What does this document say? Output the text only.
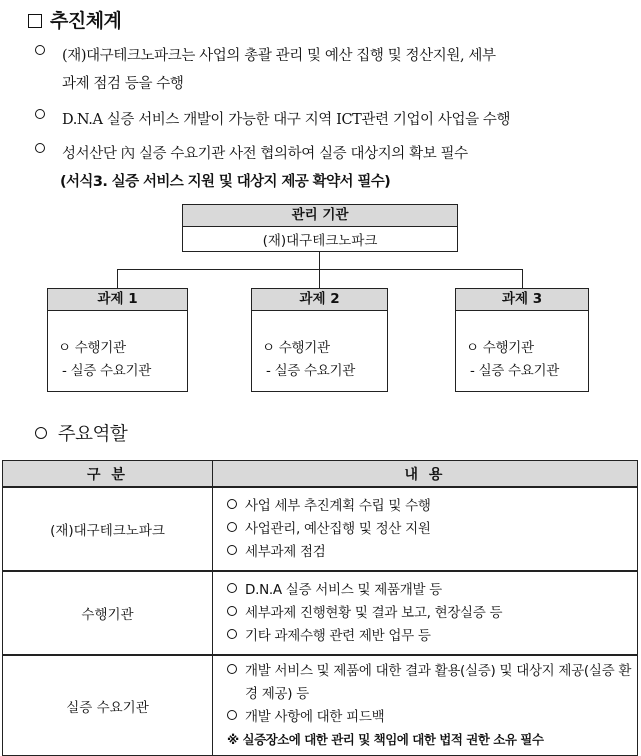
추진체계
(재)대구테크노파크는 사업의 총괄 관리 및 예산 집행 및 정산지원, 세부
과제 점검 등을 수행
D.N.A 실증 서비스 개발이 가능한 대구 지역 ICT관련 기업이 사업을 수행
성서산단 內 실증 수요기관 사전 협의하여 실증 대상지의 확보 필수
(서식3. 실증 서비스 지원 및 대상지 제공 확약서 필수)
관리 기관
(재)대구테크노파크
과제 1
ㅇ 수행기관
- 실증 수요기관
과제 2
ㅇ 수행기관
- 실증 수요기관
과제 3
ㅇ 수행기관
- 실증 수요기관
주요역할
구 분	내 용
(재)대구테크노파크	사업 세부 추진계획 수립 및 수행
사업관리, 예산집행 및 정산 지원
세부과제 점검

수행기관	D.N.A 실증 서비스 및 제품개발 등
세부과제 진행현황 및 결과 보고, 현장실증 등
기타 과제수행 관련 제반 업무 등

실증 수요기관	개발 서비스 및 제품에 대한 결과 활용(실증) 및 대상지 제공(실증 환경 제공) 등
개발 사항에 대한 피드백
※ 실증장소에 대한 관리 및 책임에 대한 법적 권한 소유 필수
